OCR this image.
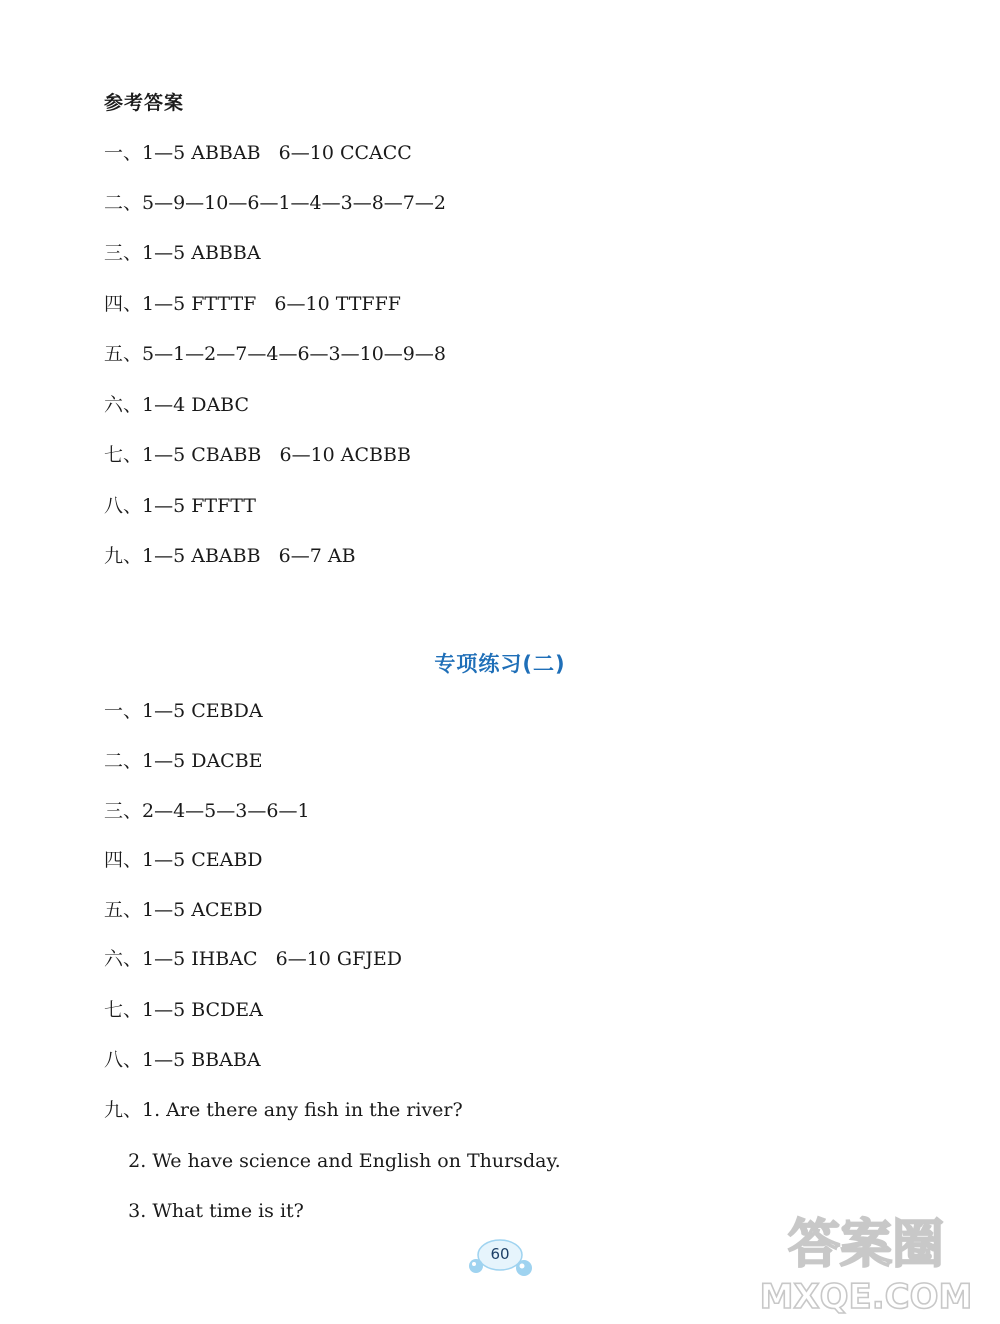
参考答案
一、1—5 ABBAB   6—10 CCACC
二、5—9—10—6—1—4—3—8—7—2
三、1—5 ABBBA
四、1—5 FTTTF   6—10 TTFFF
五、5—1—2—7—4—6—3—10—9—8
六、1—4 DABC
七、1—5 CBABB   6—10 ACBBB
八、1—5 FTFTT
九、1—5 ABABB   6—7 AB
专项练习(二)
一、1—5 CEBDA
二、1—5 DACBE
三、2—4—5—3—6—1
四、1—5 CEABD
五、1—5 ACEBD
六、1—5 IHBAC   6—10 GFJED
七、1—5 BCDEA
八、1—5 BBABA
九、1. Are there any fish in the river?
2. We have science and English on Thursday.
3. What time is it?
60	答案圈
MXQE.COM
